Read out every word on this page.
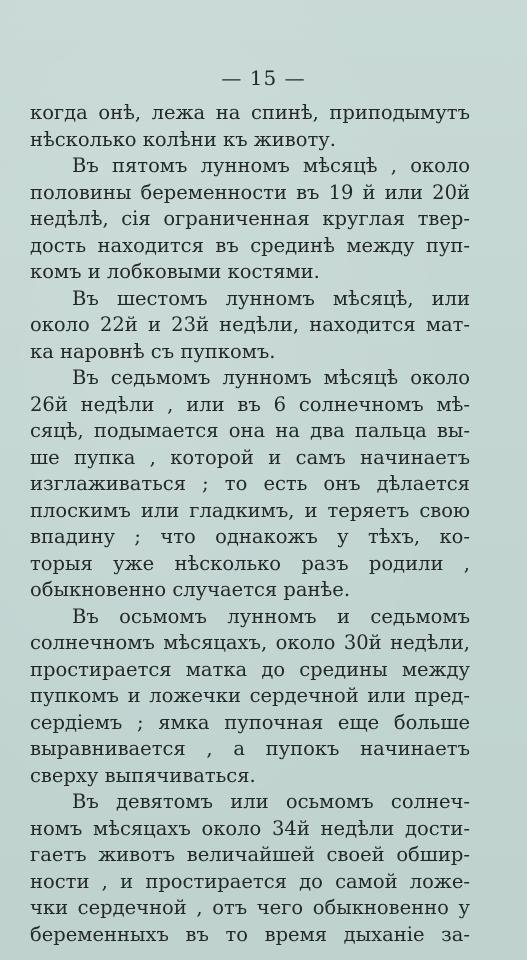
— 15 —
когда онѣ, лежа на спинѣ, приподымутъ
нѣсколько колѣни къ животу.
Въ пятомъ лунномъ мѣсяцѣ , около
половины беременности въ 19 й или 20й
недѣлѣ, сія ограниченная круглая твер-
дость находится въ срединѣ между пуп-
комъ и лобковыми костями.
Въ шестомъ лунномъ мѣсяцѣ, или
около 22й и 23й недѣли, находится мат-
ка наровнѣ съ пупкомъ.
Въ седьмомъ лунномъ мѣсяцѣ около
26й недѣли , или въ 6 солнечномъ мѣ-
сяцѣ, подымается она на два пальца вы-
ше пупка , которой и самъ начинаетъ
изглаживаться ; то есть онъ дѣлается
плоскимъ или гладкимъ, и теряетъ свою
впадину ; что однакожъ у тѣхъ, ко-
торыя уже нѣсколько разъ родили ,
обыкновенно случается ранѣе.
Въ осьмомъ лунномъ и седьмомъ
солнечномъ мѣсяцахъ, около 30й недѣли,
простирается матка до средины между
пупкомъ и ложечки сердечной или пред-
сердіемъ ; ямка пупочная еще больше
выравнивается , а пупокъ начинаетъ
сверху выпячиваться.
Въ девятомъ или осьмомъ солнеч-
номъ мѣсяцахъ около 34й недѣли дости-
гаетъ животъ величайшей своей обшир-
ности , и простирается до самой ложе-
чки сердечной , отъ чего обыкновенно у
беременныхъ въ то время дыханіе за-
